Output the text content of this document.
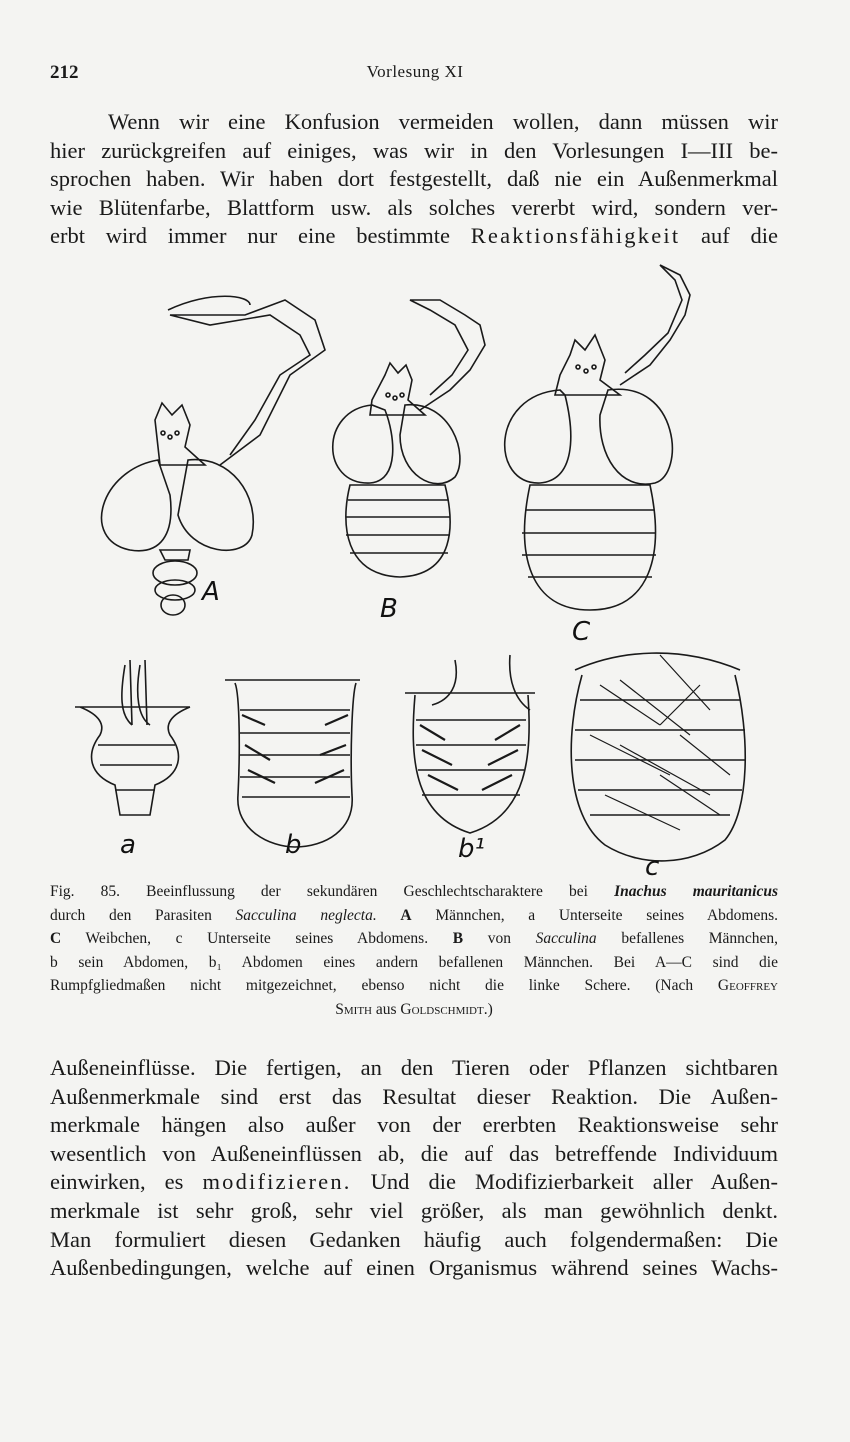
212	Vorlesung XI
Wenn wir eine Konfusion vermeiden wollen, dann müssen wir
hier zurückgreifen auf einiges, was wir in den Vorlesungen I—III be-
sprochen haben. Wir haben dort festgestellt, daß nie ein Außenmerkmal
wie Blütenfarbe, Blattform usw. als solches vererbt wird, sondern ver-
erbt wird immer nur eine bestimmte Reaktionsfähigkeit auf die
A
B
C
a	b	b¹
c
Fig. 85. Beeinflussung der sekundären Geschlechtscharaktere bei Inachus mauritanicus
durch den Parasiten Sacculina neglecta. A Männchen, a Unterseite seines Abdomens.
C Weibchen, c Unterseite seines Abdomens. B von Sacculina befallenes Männchen,
b sein Abdomen, b₁ Abdomen eines andern befallenen Männchen. Bei A—C sind die
Rumpfgliedmaßen nicht mitgezeichnet, ebenso nicht die linke Schere. (Nach Geoffrey
Smith aus Goldschmidt.)
Außeneinflüsse. Die fertigen, an den Tieren oder Pflanzen sichtbaren
Außenmerkmale sind erst das Resultat dieser Reaktion. Die Außen-
merkmale hängen also außer von der ererbten Reaktionsweise sehr
wesentlich von Außeneinflüssen ab, die auf das betreffende Individuum
einwirken, es modifizieren. Und die Modifizierbarkeit aller Außen-
merkmale ist sehr groß, sehr viel größer, als man gewöhnlich denkt.
Man formuliert diesen Gedanken häufig auch folgendermaßen: Die
Außenbedingungen, welche auf einen Organismus während seines Wachs-
